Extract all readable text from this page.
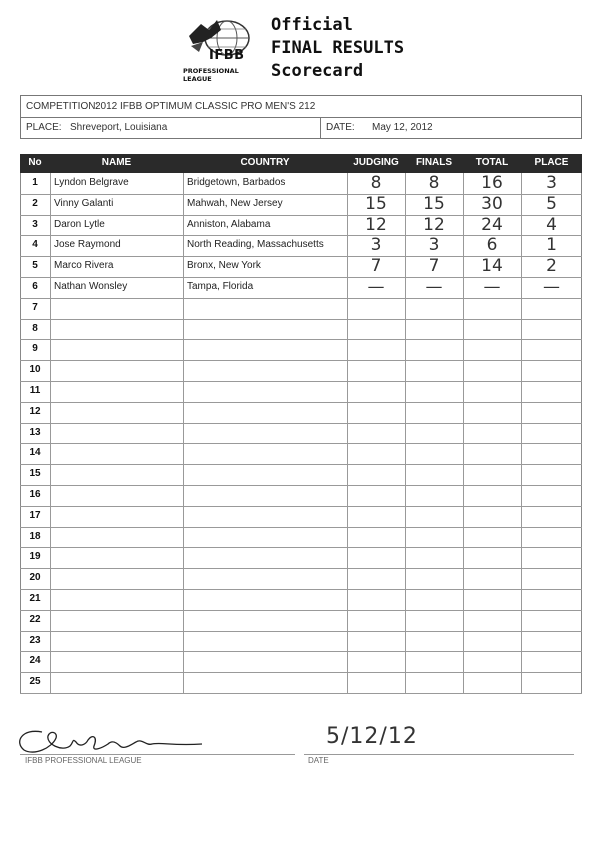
IFBB
PROFESSIONAL LEAGUE
Official
FINAL RESULTS
Scorecard
COMPETITION:
2012 IFBB OPTIMUM CLASSIC PRO MEN'S 212
PLACE: Shreveport, Louisiana	DATE: May 12, 2012
No	NAME	COUNTRY	JUDGING	FINALS	TOTAL	PLACE
1	Lyndon Belgrave	Bridgetown, Barbados	8	8	16	3
2	Vinny Galanti	Mahwah, New Jersey	15	15	30	5
3	Daron Lytle	Anniston, Alabama	12	12	24	4
4	Jose Raymond	North Reading, Massachusetts	3	3	6	1
5	Marco Rivera	Bronx, New York	7	7	14	2
6	Nathan Wonsley	Tampa, Florida	—	—	—	—
7
8
9
10
11
12
13
14
15
16
17
18
19
20
21
22
23
24
25
IFBB PROFESSIONAL LEAGUE
5/12/12
DATE
